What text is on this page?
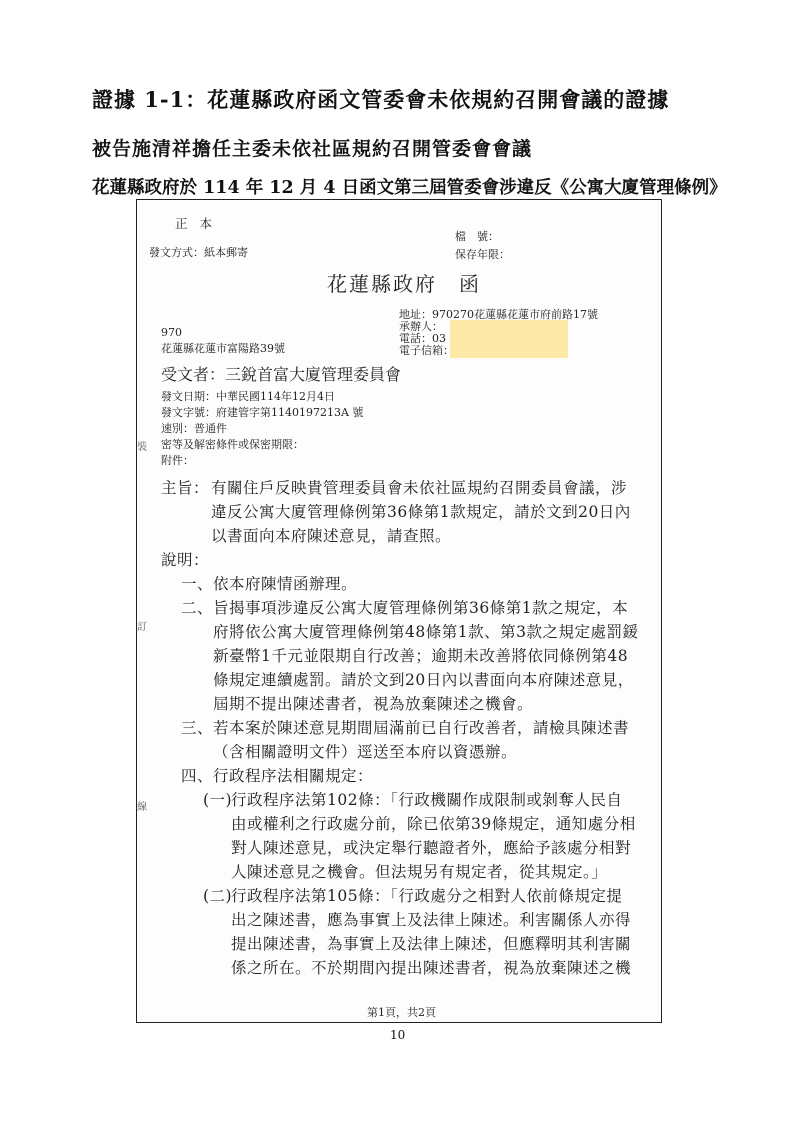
證據 1-1：花蓮縣政府函文管委會未依規約召開會議的證據
被告施清祥擔任主委未依社區規約召開管委會會議
花蓮縣政府於 114 年 12 月 4 日函文第三屆管委會涉違反《公寓大廈管理條例》
正 本
檔　號：
發文方式：紙本郵寄	保存年限：
花蓮縣政府　函
地址：970270花蓮縣花蓮市府前路17號
承辦人：
電話：03
電子信箱：
970
花蓮縣花蓮市富陽路39號
受文者：三銳首富大廈管理委員會
發文日期：中華民國114年12月4日
發文字號：府建管字第1140197213A 號
速別：普通件
密等及解密條件或保密期限：
附件：
裝
訂
線
主旨： 有關住戶反映貴管理委員會未依社區規約召開委員會議，涉
違反公寓大廈管理條例第36條第1款規定，請於文到20日內
以書面向本府陳述意見，請查照。
說明：
一、 依本府陳情函辦理。
二、 旨揭事項涉違反公寓大廈管理條例第36條第1款之規定，本
府將依公寓大廈管理條例第48條第1款、第3款之規定處罰鍰
新臺幣1千元並限期自行改善；逾期未改善將依同條例第48
條規定連續處罰。請於文到20日內以書面向本府陳述意見，
屆期不提出陳述書者，視為放棄陳述之機會。
三、 若本案於陳述意見期間屆滿前已自行改善者，請檢具陳述書
（含相關證明文件）逕送至本府以資憑辦。
四、 行政程序法相關規定：
(一)
行政程序法第102條：「行政機關作成限制或剝奪人民自
由或權利之行政處分前，除已依第39條規定，通知處分相
對人陳述意見，或決定舉行聽證者外，應給予該處分相對
人陳述意見之機會。但法規另有規定者，從其規定。」
(二)
行政程序法第105條：「行政處分之相對人依前條規定提
出之陳述書，應為事實上及法律上陳述。利害關係人亦得
提出陳述書，為事實上及法律上陳述，但應釋明其利害關
係之所在。不於期間內提出陳述書者，視為放棄陳述之機
第1頁，共2頁
10
